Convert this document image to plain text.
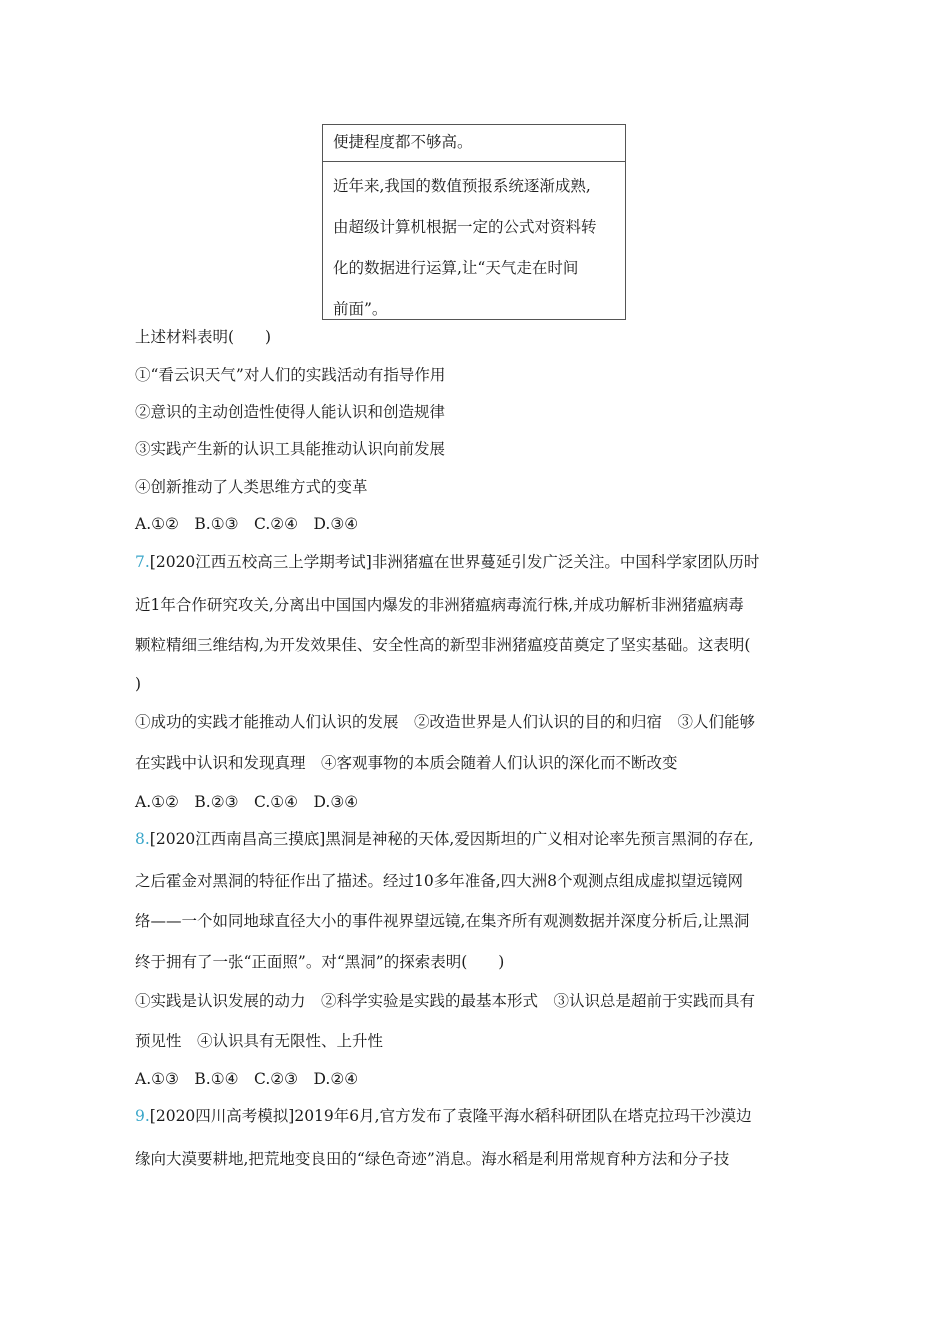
便捷程度都不够高。
近年来,我国的数值预报系统逐渐成熟,
由超级计算机根据一定的公式对资料转
化的数据进行运算,让“天气走在时间
前面”。
上述材料表明(　　)
①“看云识天气”对人们的实践活动有指导作用
②意识的主动创造性使得人能认识和创造规律
③实践产生新的认识工具能推动认识向前发展
④创新推动了人类思维方式的变革
A.①②　B.①③　C.②④　D.③④
7.[2020江西五校高三上学期考试]非洲猪瘟在世界蔓延引发广泛关注。中国科学家团队历时
近1年合作研究攻关,分离出中国国内爆发的非洲猪瘟病毒流行株,并成功解析非洲猪瘟病毒
颗粒精细三维结构,为开发效果佳、安全性高的新型非洲猪瘟疫苗奠定了坚实基础。这表明(
)
①成功的实践才能推动人们认识的发展　②改造世界是人们认识的目的和归宿　③人们能够
在实践中认识和发现真理　④客观事物的本质会随着人们认识的深化而不断改变
A.①②　B.②③　C.①④　D.③④
8.[2020江西南昌高三摸底]黑洞是神秘的天体,爱因斯坦的广义相对论率先预言黑洞的存在,
之后霍金对黑洞的特征作出了描述。经过10多年准备,四大洲8个观测点组成虚拟望远镜网
络——一个如同地球直径大小的事件视界望远镜,在集齐所有观测数据并深度分析后,让黑洞
终于拥有了一张“正面照”。对“黑洞”的探索表明(　　)
①实践是认识发展的动力　②科学实验是实践的最基本形式　③认识总是超前于实践而具有
预见性　④认识具有无限性、上升性
A.①③　B.①④　C.②③　D.②④
9.[2020四川高考模拟]2019年6月,官方发布了袁隆平海水稻科研团队在塔克拉玛干沙漠边
缘向大漠要耕地,把荒地变良田的“绿色奇迹”消息。海水稻是利用常规育种方法和分子技
